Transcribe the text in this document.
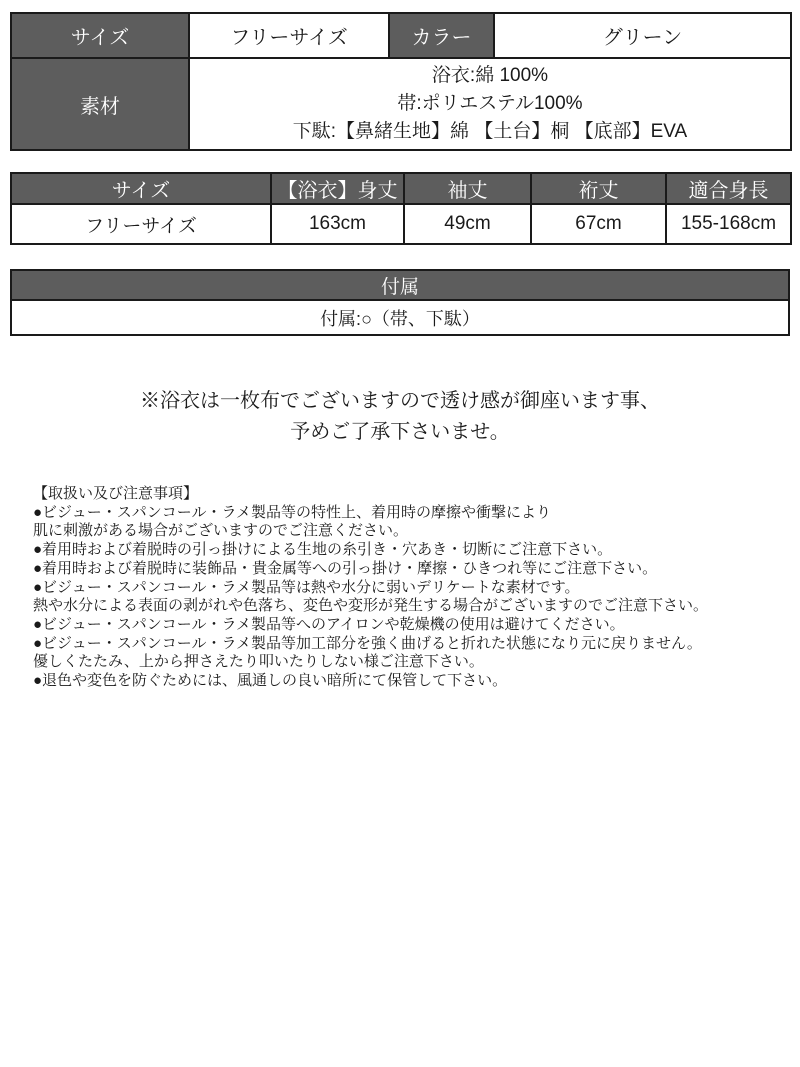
サイズ	フリーサイズ	カラー	グリーン
素材	浴衣:綿 100%
帯:ポリエステル100%
下駄:【鼻緒生地】綿 【土台】桐 【底部】EVA		
サイズ	【浴衣】身丈	袖丈	裄丈	適合身長
フリーサイズ	163cm	49cm	67cm	155-168cm
付属
付属:○（帯、下駄）
※浴衣は一枚布でございますので透け感が御座います事、
予めご了承下さいませ。
【取扱い及び注意事項】
●ビジュー・スパンコール・ラメ製品等の特性上、着用時の摩擦や衝撃により
肌に刺激がある場合がございますのでご注意ください。
●着用時および着脱時の引っ掛けによる生地の糸引き・穴あき・切断にご注意下さい。
●着用時および着脱時に装飾品・貴金属等への引っ掛け・摩擦・ひきつれ等にご注意下さい。
●ビジュー・スパンコール・ラメ製品等は熱や水分に弱いデリケートな素材です。
熱や水分による表面の剥がれや色落ち、変色や変形が発生する場合がございますのでご注意下さい。
●ビジュー・スパンコール・ラメ製品等へのアイロンや乾燥機の使用は避けてください。
●ビジュー・スパンコール・ラメ製品等加工部分を強く曲げると折れた状態になり元に戻りません。
優しくたたみ、上から押さえたり叩いたりしない様ご注意下さい。
●退色や変色を防ぐためには、風通しの良い暗所にて保管して下さい。
